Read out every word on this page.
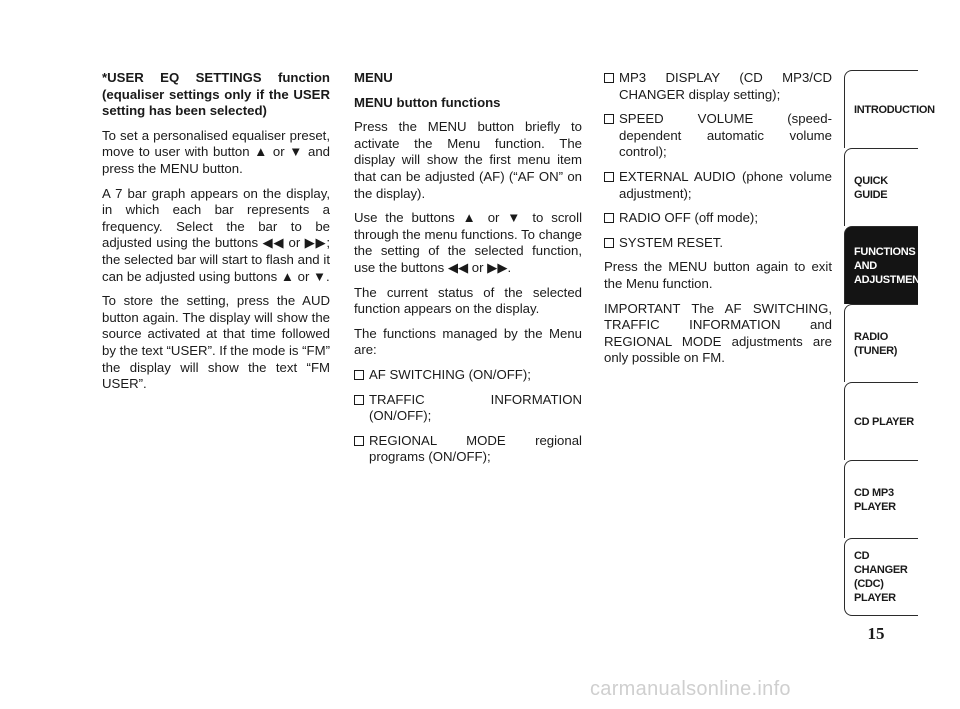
*USER EQ SETTINGS function (equaliser settings only if the USER setting has been selected)

To set a personalised equaliser preset, move to user with button ▲ or ▼ and press the MENU button.

A 7 bar graph appears on the display, in which each bar represents a frequency. Select the bar to be adjusted using the buttons ◀◀ or ▶▶; the selected bar will start to flash and it can be adjusted using buttons ▲ or ▼.

To store the setting, press the AUD button again. The display will show the source activated at that time followed by the text “USER”. If the mode is “FM” the display will show the text “FM USER”.

MENU

MENU button functions

Press the MENU button briefly to activate the Menu function. The display will show the first menu item that can be adjusted (AF) (“AF ON” on the display).

Use the buttons ▲ or ▼ to scroll through the menu functions. To change the setting of the selected function, use the buttons ◀◀ or ▶▶.

The current status of the selected function appears on the display.

The functions managed by the Menu are:

AF SWITCHING (ON/OFF);

TRAFFIC INFORMATION (ON/OFF);

REGIONAL MODE regional programs (ON/OFF);

MP3 DISPLAY (CD MP3/CD CHANGER display setting);

SPEED VOLUME (speed-dependent automatic volume control);

EXTERNAL AUDIO (phone volume adjustment);

RADIO OFF (off mode);

SYSTEM RESET.

Press the MENU button again to exit the Menu function.

IMPORTANT The AF SWITCHING, TRAFFIC INFORMATION and REGIONAL MODE adjustments are only possible on FM.

INTRODUCTION
QUICK
GUIDE
FUNCTIONS
AND
ADJUSTMENTS
RADIO
(TUNER)
CD PLAYER
CD MP3
PLAYER
CD CHANGER
(CDC) PLAYER
15
carmanualsonline.info
